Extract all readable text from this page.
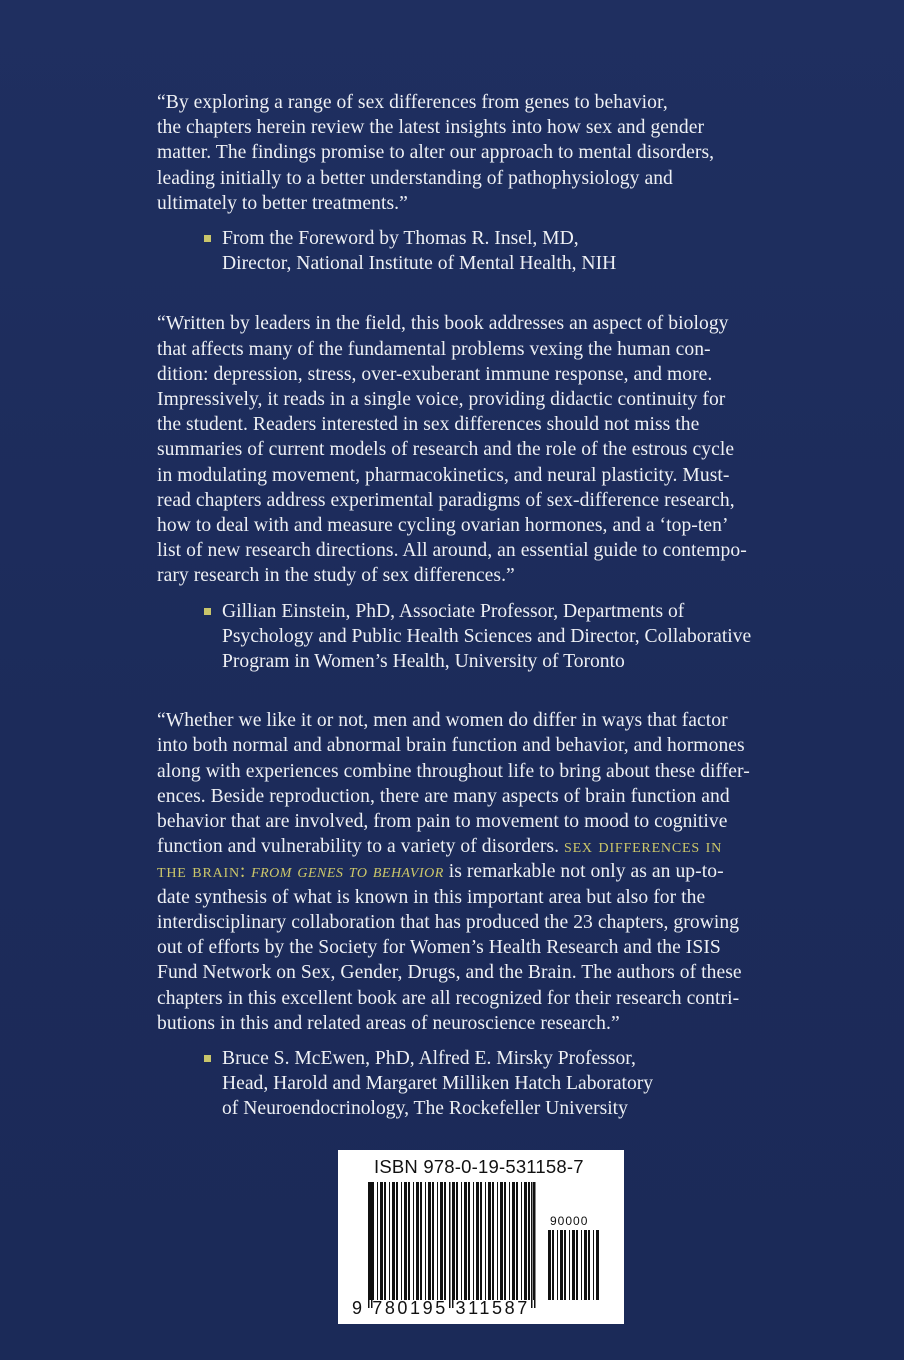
“By exploring a range of sex differences from genes to behavior,
the chapters herein review the latest insights into how sex and gender
matter. The findings promise to alter our approach to mental disorders,
leading initially to a better understanding of pathophysiology and
ultimately to better treatments.”

From the Foreword by Thomas R. Insel, MD,
Director, National Institute of Mental Health, NIH

“Written by leaders in the field, this book addresses an aspect of biology
that affects many of the fundamental problems vexing the human con-
dition: depression, stress, over-exuberant immune response, and more.
Impressively, it reads in a single voice, providing didactic continuity for
the student. Readers interested in sex differences should not miss the
summaries of current models of research and the role of the estrous cycle
in modulating movement, pharmacokinetics, and neural plasticity. Must-
read chapters address experimental paradigms of sex-difference research,
how to deal with and measure cycling ovarian hormones, and a ‘top-ten’
list of new research directions. All around, an essential guide to contempo-
rary research in the study of sex differences.”

Gillian Einstein, PhD, Associate Professor, Departments of
Psychology and Public Health Sciences and Director, Collaborative
Program in Women’s Health, University of Toronto

“Whether we like it or not, men and women do differ in ways that factor
into both normal and abnormal brain function and behavior, and hormones
along with experiences combine throughout life to bring about these differ-
ences. Beside reproduction, there are many aspects of brain function and
behavior that are involved, from pain to movement to mood to cognitive
function and vulnerability to a variety of disorders. sex differences in
the brain: from genes to behavior is remarkable not only as an up-to-
date synthesis of what is known in this important area but also for the
interdisciplinary collaboration that has produced the 23 chapters, growing
out of efforts by the Society for Women’s Health Research and the ISIS
Fund Network on Sex, Gender, Drugs, and the Brain. The authors of these
chapters in this excellent book are all recognized for their research contri-
butions in this and related areas of neuroscience research.”

Bruce S. McEwen, PhD, Alfred E. Mirsky Professor,
Head, Harold and Margaret Milliken Hatch Laboratory
of Neuroendocrinology, The Rockefeller University
ISBN 978-0-19-531158-7
90000
9 780195 311587
